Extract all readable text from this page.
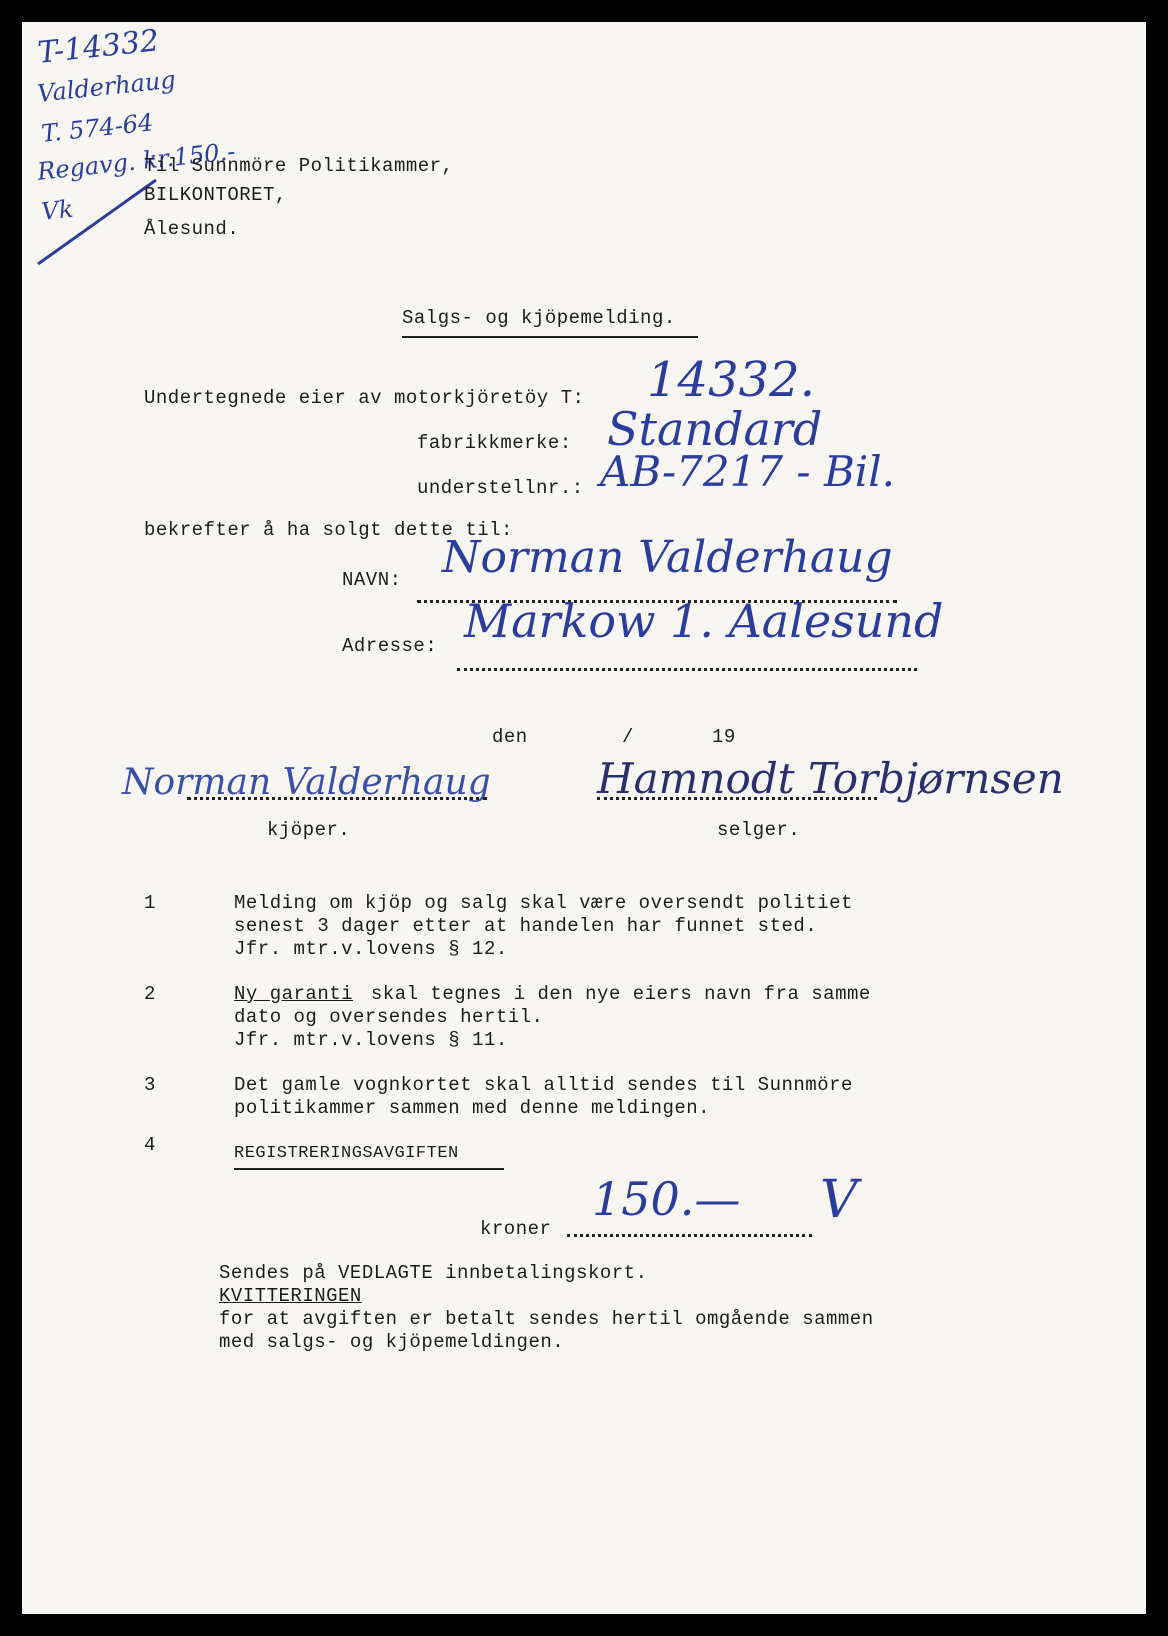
T-14332
Valderhaug
T. 574-64
Regavg. kr.150.-
Vk
Til Sunnmöre Politikammer,
BILKONTORET,
Ålesund.
Salgs- og kjöpemelding.
Undertegnede eier av motorkjöretöy T: 14332.
fabrikkmerke: Standard
understellnr.: AB-7217 - Bil.
bekrefter å ha solgt dette til:
NAVN: Norman Valderhaug
Adresse: Markow 1. Aalesund
den	/	19
Norman Valderhaug	Hamnodt Torbjørnsen
kjöper.	selger.
1	Melding om kjöp og salg skal være oversendt politiet
senest 3 dager etter at handelen har funnet sted.
Jfr. mtr.v.lovens § 12.
2	Ny garanti skal tegnes i den nye eiers navn fra samme
dato og oversendes hertil.
Jfr. mtr.v.lovens § 11.
3	Det gamle vognkortet skal alltid sendes til Sunnmöre
politikammer sammen med denne meldingen.
4	REGISTRERINGSAVGIFTEN
kroner
150.— V
Sendes på VEDLAGTE innbetalingskort.
KVITTERINGEN
for at avgiften er betalt sendes hertil omgående sammen
med salgs- og kjöpemeldingen.
